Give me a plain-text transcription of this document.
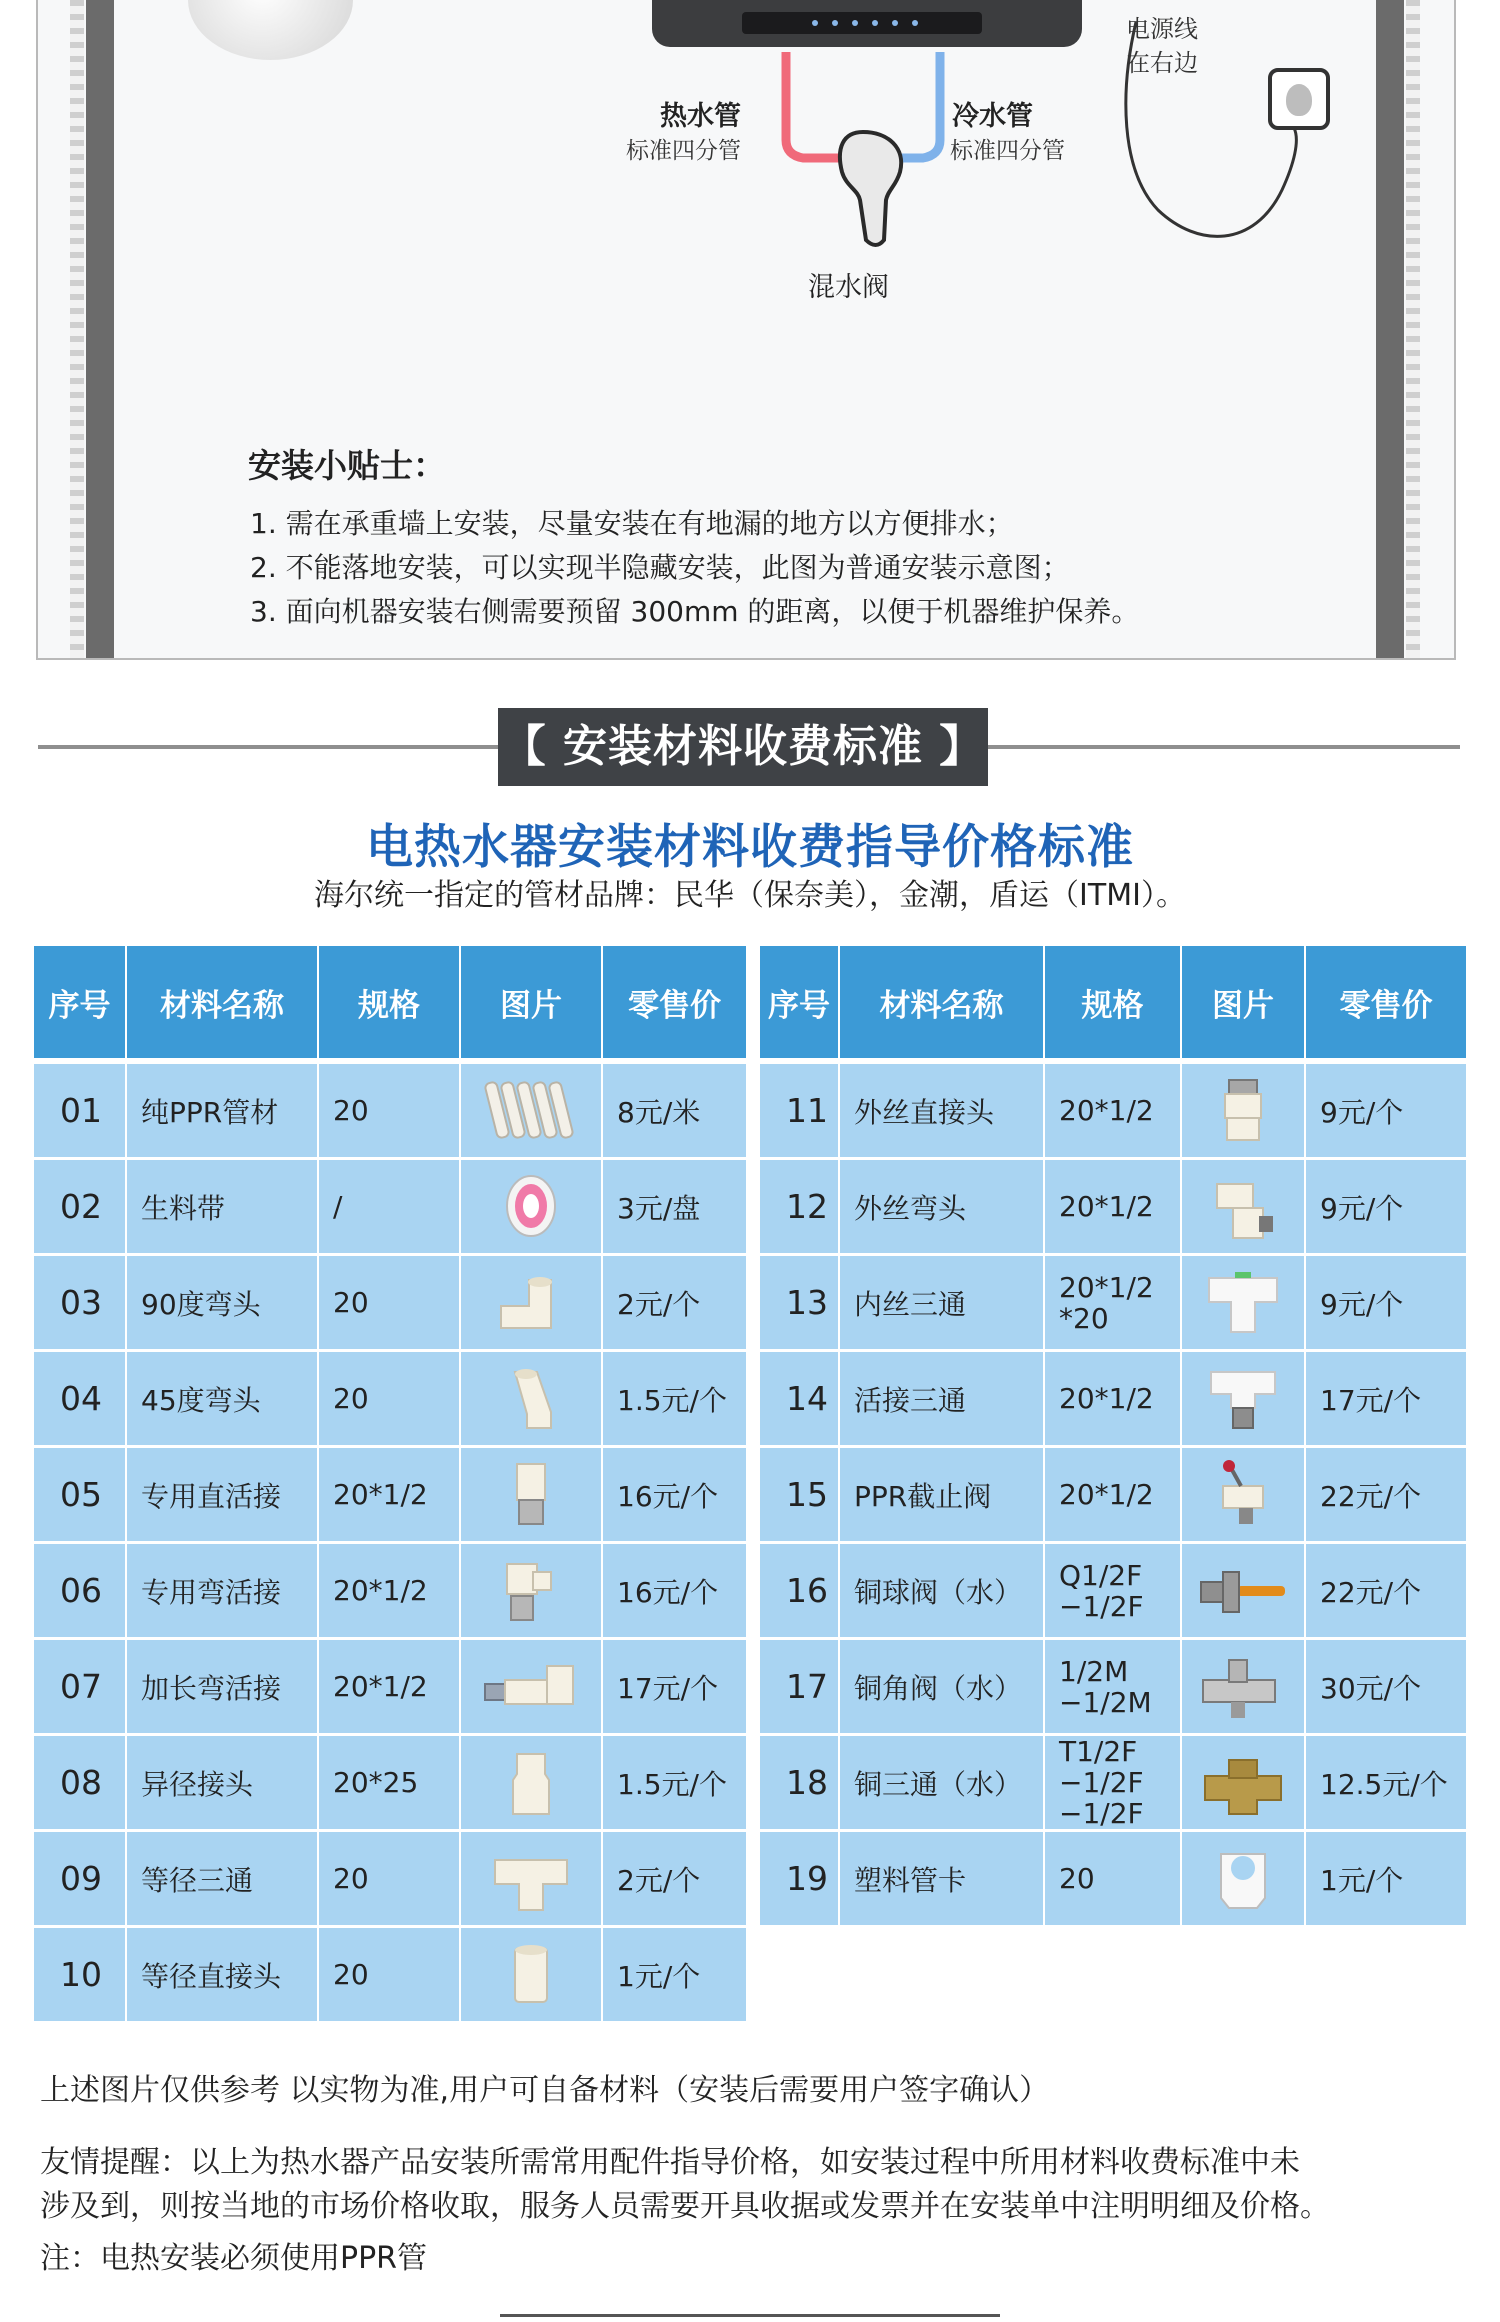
热水管
标准四分管
冷水管
标准四分管
混水阀
电源线
在右边
安装小贴士：
1. 需在承重墙上安装，尽量安装在有地漏的地方以方便排水；
2. 不能落地安装，可以实现半隐藏安装，此图为普通安装示意图；
3. 面向机器安装右侧需要预留 300mm 的距离，以便于机器维护保养。
【 安装材料收费标准 】
电热水器安装材料收费指导价格标准
海尔统一指定的管材品牌：民华（保奈美），金潮，盾运（ITMI）。
序号	材料名称	规格	图片	零售价
01 纯PPR管材 20	8元/米
02 生料带	/	3元/盘
03 90度弯头	20	2元/个
04 45度弯头	20	1.5元/个
05 专用直活接 20*1/2	16元/个
06 专用弯活接 20*1/2	16元/个
07 加长弯活接 20*1/2	17元/个
08 异径接头	20*25	1.5元/个
09 等径三通	20	2元/个
10 等径直接头 20	1元/个
序号	材料名称	规格	图片	零售价
11 外丝直接头 20*1/2	9元/个
12 外丝弯头	20*1/2	9元/个
13 内丝三通
20*1/2
*20	9元/个
14 活接三通	20*1/2	17元/个
15 PPR截止阀 20*1/2	22元/个
16 铜球阀（水）
Q1/2F
−1/2F	22元/个
17 铜角阀（水）
1/2M
−1/2M	30元/个
18 铜三通（水）
T1/2F
−1/2F
−1/2F
12.5元/个
19 塑料管卡	20	1元/个
上述图片仅供参考 以实物为准,用户可自备材料（安装后需要用户签字确认）
友情提醒：以上为热水器产品安装所需常用配件指导价格，如安装过程中所用材料收费标准中未
涉及到，则按当地的市场价格收取，服务人员需要开具收据或发票并在安装单中注明明细及价格。
注：电热安装必须使用PPR管
